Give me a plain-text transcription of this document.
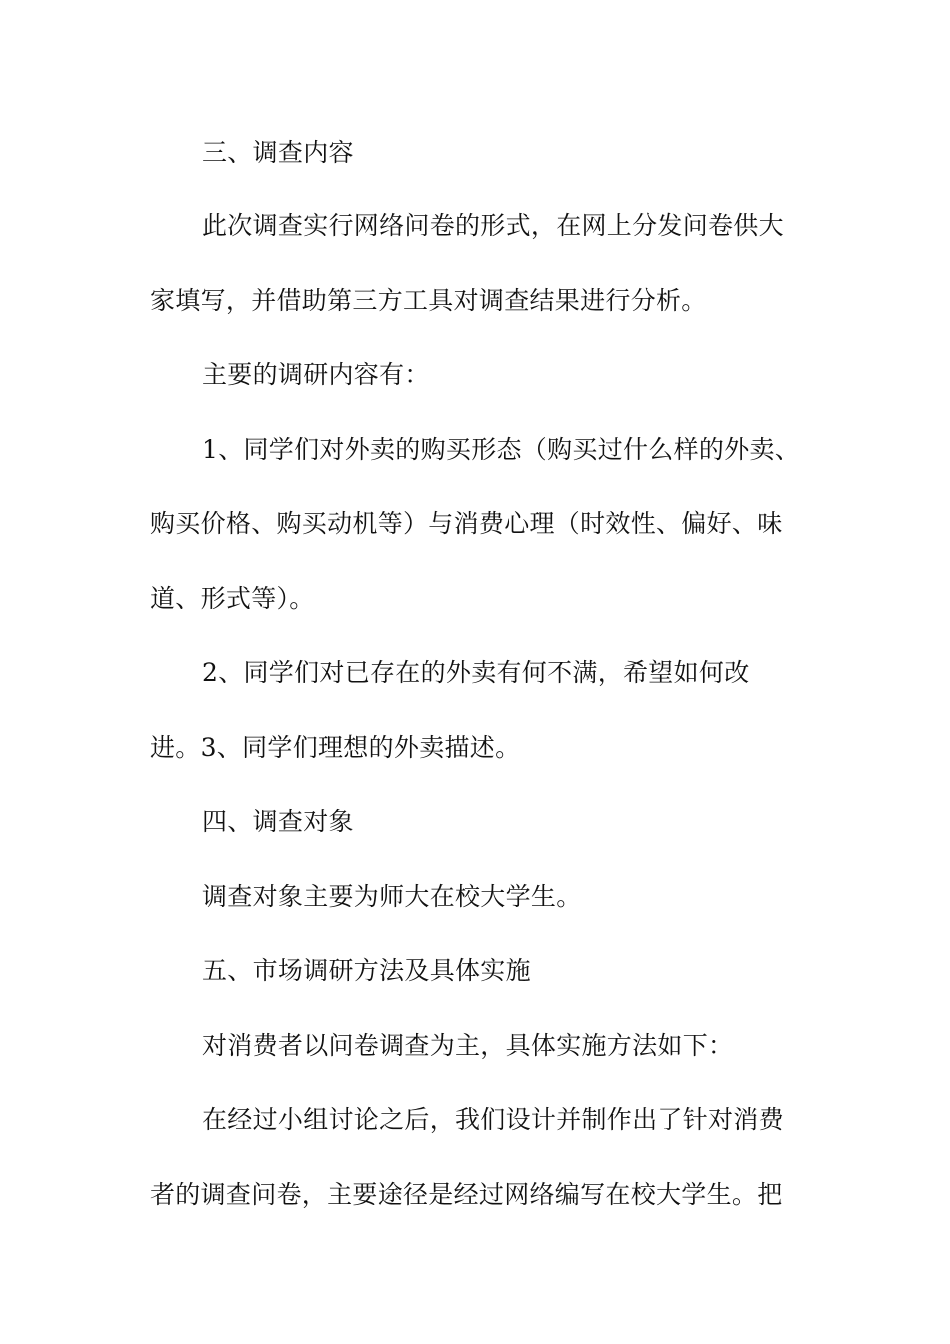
三、调查内容
此次调查实行网络问卷的形式，在网上分发问卷供大
家填写，并借助第三方工具对调查结果进行分析。
主要的调研内容有：
1、同学们对外卖的购买形态（购买过什么样的外卖、
购买价格、购买动机等）与消费心理（时效性、偏好、味
道、形式等）。
2、同学们对已存在的外卖有何不满，希望如何改
进。3、同学们理想的外卖描述。
四、调查对象
调查对象主要为师大在校大学生。
五、市场调研方法及具体实施
对消费者以问卷调查为主，具体实施方法如下：
在经过小组讨论之后，我们设计并制作出了针对消费
者的调查问卷，主要途径是经过网络编写在校大学生。把
